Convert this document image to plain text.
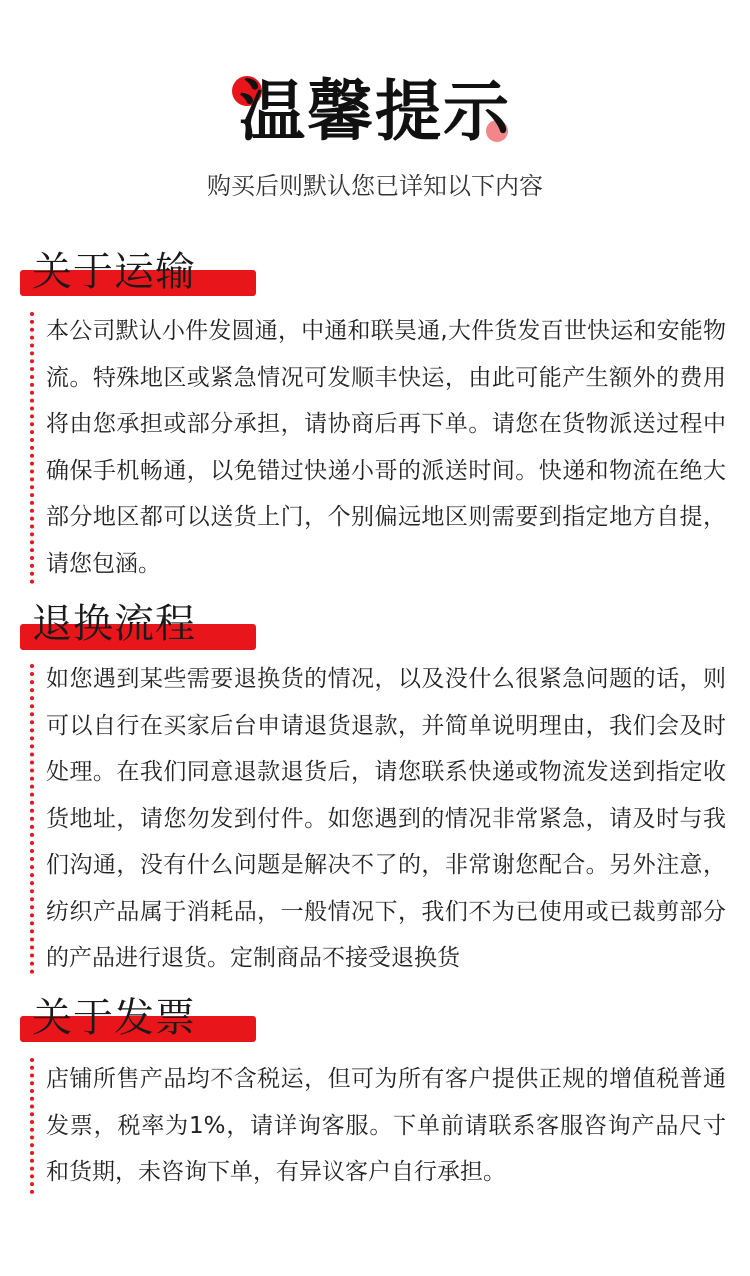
温馨提示
购买后则默认您已详知以下内容
关于运输
本公司默认小件发圆通，中通和联昊通,大件货发百世快运和安能物流。特殊地区或紧急情况可发顺丰快运，由此可能产生额外的费用将由您承担或部分承担，请协商后再下单。请您在货物派送过程中确保手机畅通，以免错过快递小哥的派送时间。快递和物流在绝大部分地区都可以送货上门，个别偏远地区则需要到指定地方自提，请您包涵。
退换流程
如您遇到某些需要退换货的情况，以及没什么很紧急问题的话，则可以自行在买家后台申请退货退款，并简单说明理由，我们会及时处理。在我们同意退款退货后，请您联系快递或物流发送到指定收货地址，请您勿发到付件。如您遇到的情况非常紧急，请及时与我们沟通，没有什么问题是解决不了的，非常谢您配合。另外注意，纺织产品属于消耗品，一般情况下，我们不为已使用或已裁剪部分的产品进行退货。定制商品不接受退换货
关于发票
店铺所售产品均不含税运，但可为所有客户提供正规的增值税普通发票，税率为1%，请详询客服。下单前请联系客服咨询产品尺寸和货期，未咨询下单，有异议客户自行承担。
